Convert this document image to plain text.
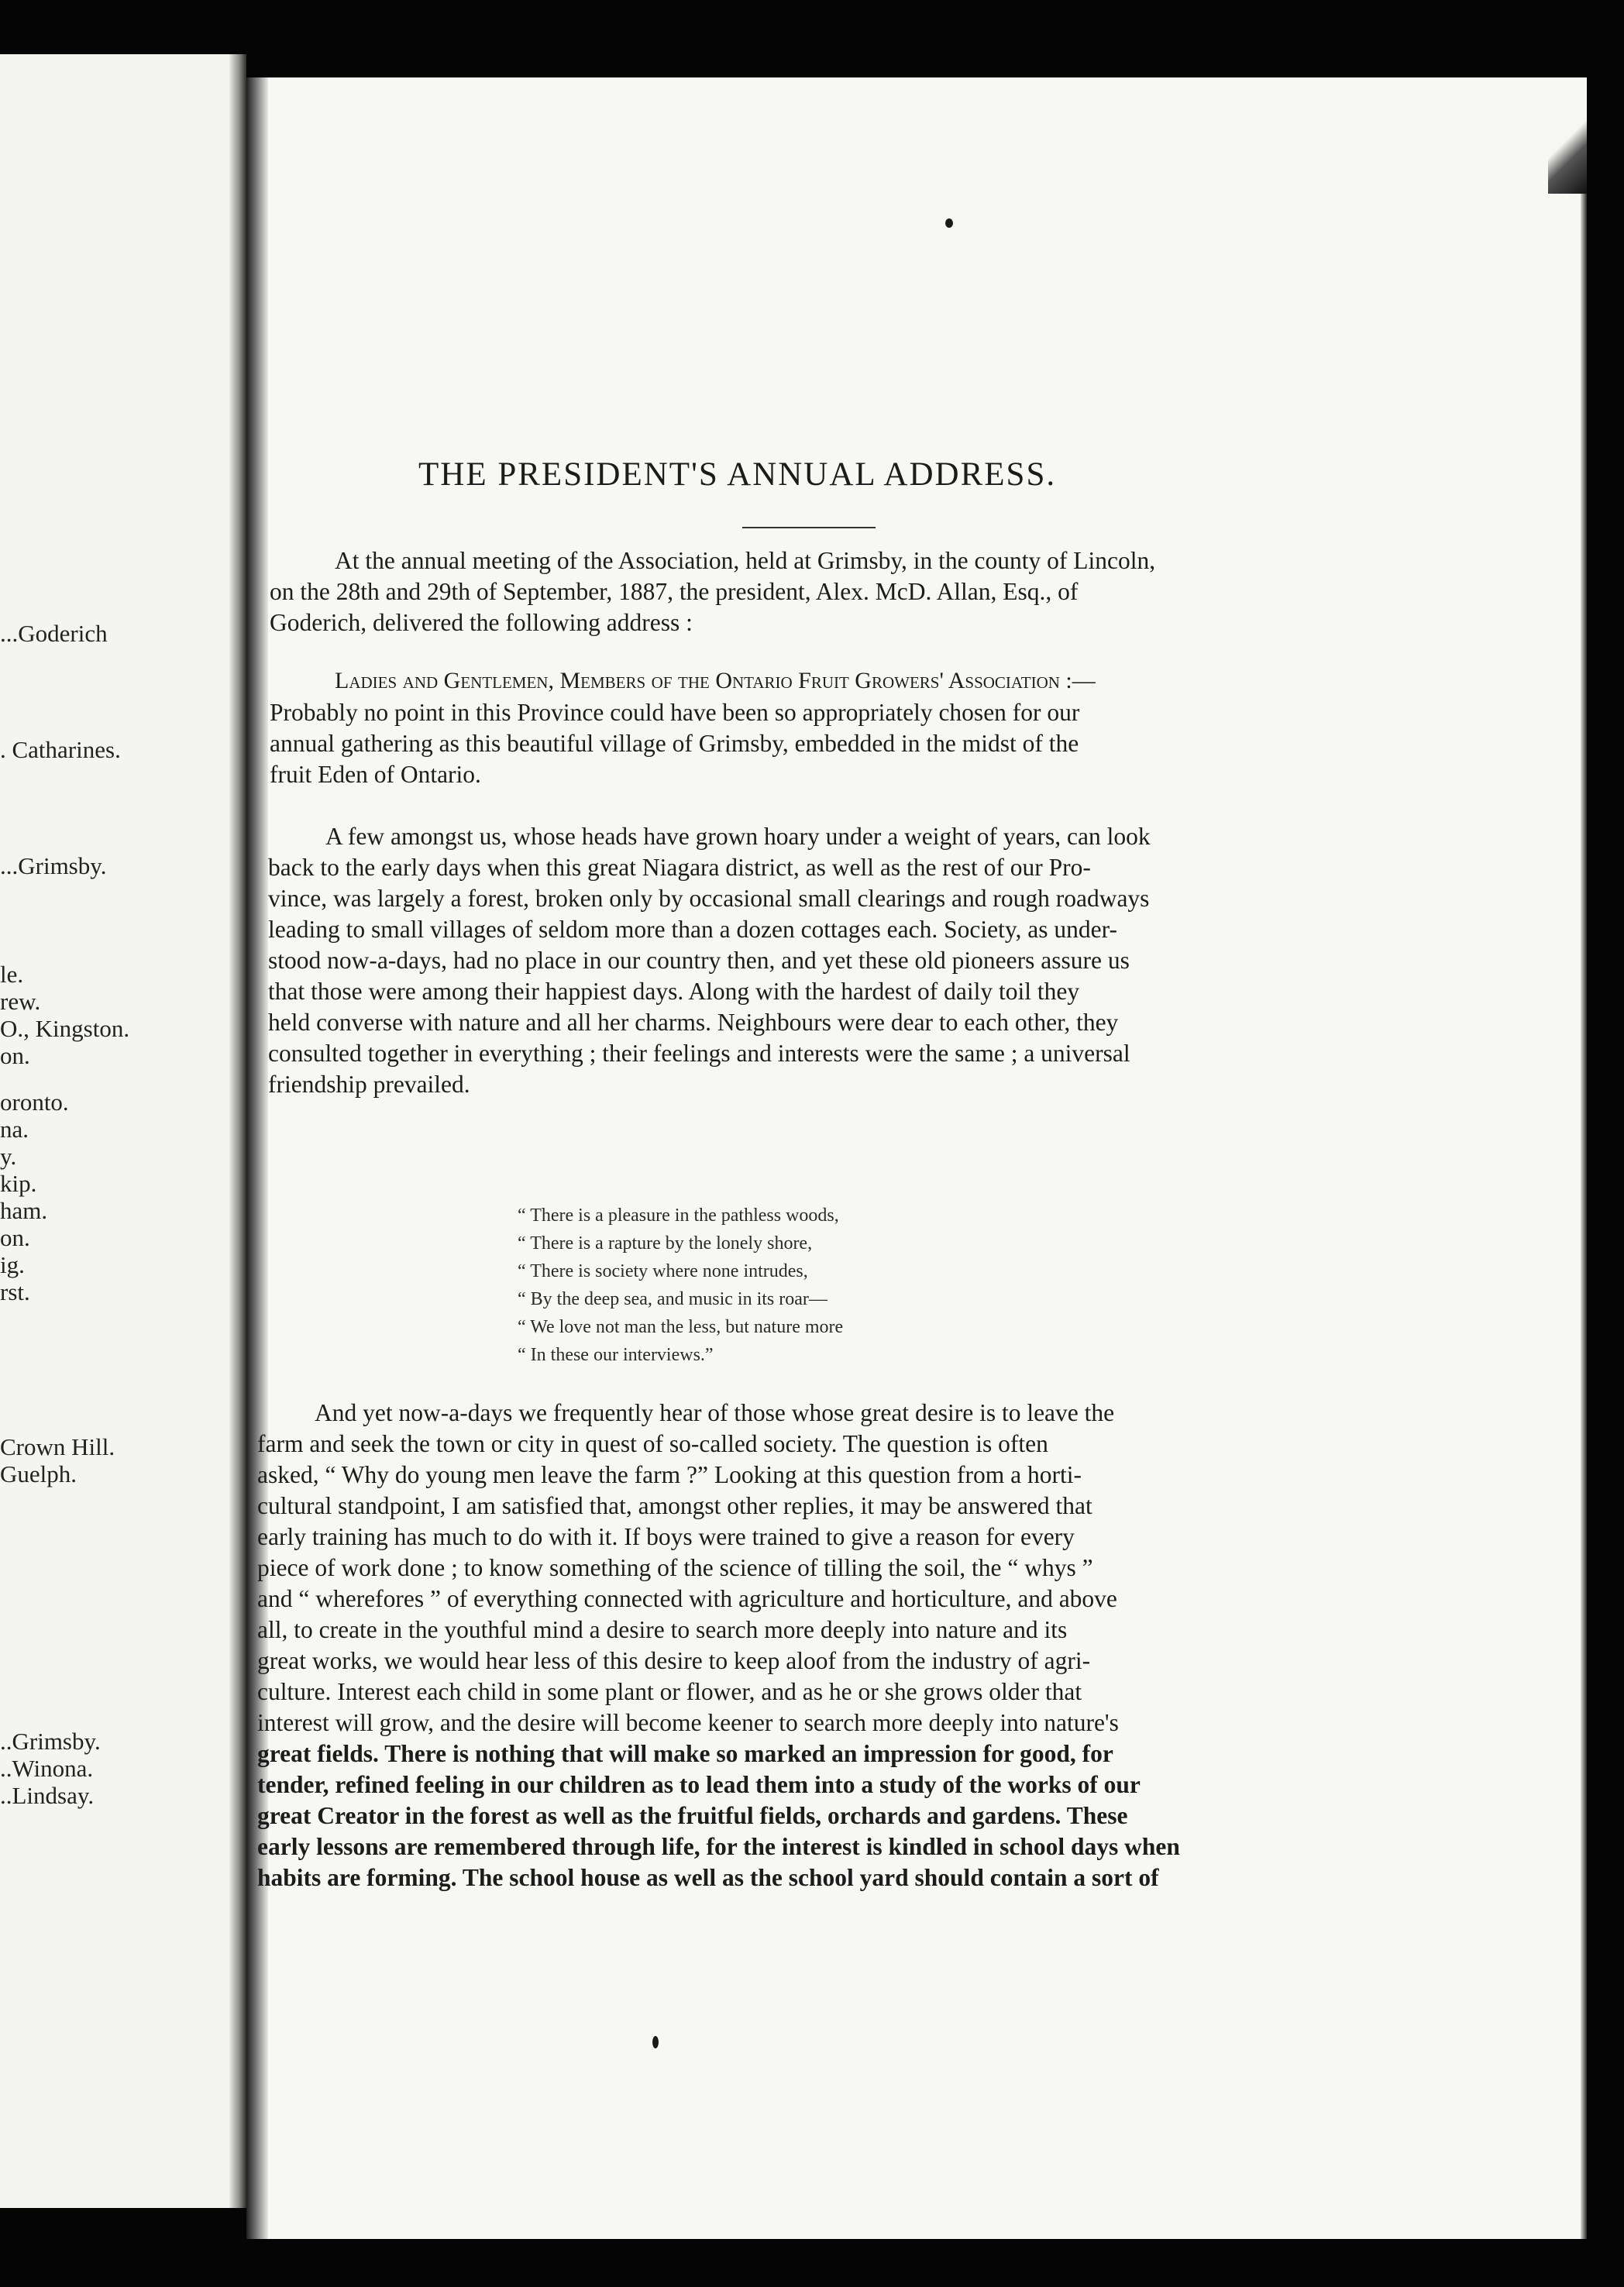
...Goderich
. Catharines.
...Grimsby.
le.
rew.
O., Kingston.
on.
oronto.
na.
y.
kip.
ham.
on.
ig.
rst.
Crown Hill.
Guelph.
..Grimsby.
..Winona.
..Lindsay.
THE PRESIDENT'S ANNUAL ADDRESS.
At the annual meeting of the Association, held at Grimsby, in the county of Lincoln,
on the 28th and 29th of September, 1887, the president, Alex. McD. Allan, Esq., of
Goderich, delivered the following address :
Ladies and Gentlemen, Members of the Ontario Fruit Growers' Association :—
Probably no point in this Province could have been so appropriately chosen for our
annual gathering as this beautiful village of Grimsby, embedded in the midst of the
fruit Eden of Ontario.
A few amongst us, whose heads have grown hoary under a weight of years, can look
back to the early days when this great Niagara district, as well as the rest of our Pro-
vince, was largely a forest, broken only by occasional small clearings and rough roadways
leading to small villages of seldom more than a dozen cottages each. Society, as under-
stood now-a-days, had no place in our country then, and yet these old pioneers assure us
that those were among their happiest days. Along with the hardest of daily toil they
held converse with nature and all her charms. Neighbours were dear to each other, they
consulted together in everything ; their feelings and interests were the same ; a universal
friendship prevailed.
“ There is a pleasure in the pathless woods,
“ There is a rapture by the lonely shore,
“ There is society where none intrudes,
“ By the deep sea, and music in its roar—
“ We love not man the less, but nature more
“ In these our interviews.”
And yet now-a-days we frequently hear of those whose great desire is to leave the
farm and seek the town or city in quest of so-called society. The question is often
asked, “ Why do young men leave the farm ?” Looking at this question from a horti-
cultural standpoint, I am satisfied that, amongst other replies, it may be answered that
early training has much to do with it. If boys were trained to give a reason for every
piece of work done ; to know something of the science of tilling the soil, the “ whys ”
and “ wherefores ” of everything connected with agriculture and horticulture, and above
all, to create in the youthful mind a desire to search more deeply into nature and its
great works, we would hear less of this desire to keep aloof from the industry of agri-
culture. Interest each child in some plant or flower, and as he or she grows older that
interest will grow, and the desire will become keener to search more deeply into nature's
great fields. There is nothing that will make so marked an impression for good, for
tender, refined feeling in our children as to lead them into a study of the works of our
great Creator in the forest as well as the fruitful fields, orchards and gardens. These
early lessons are remembered through life, for the interest is kindled in school days when
habits are forming. The school house as well as the school yard should contain a sort of
